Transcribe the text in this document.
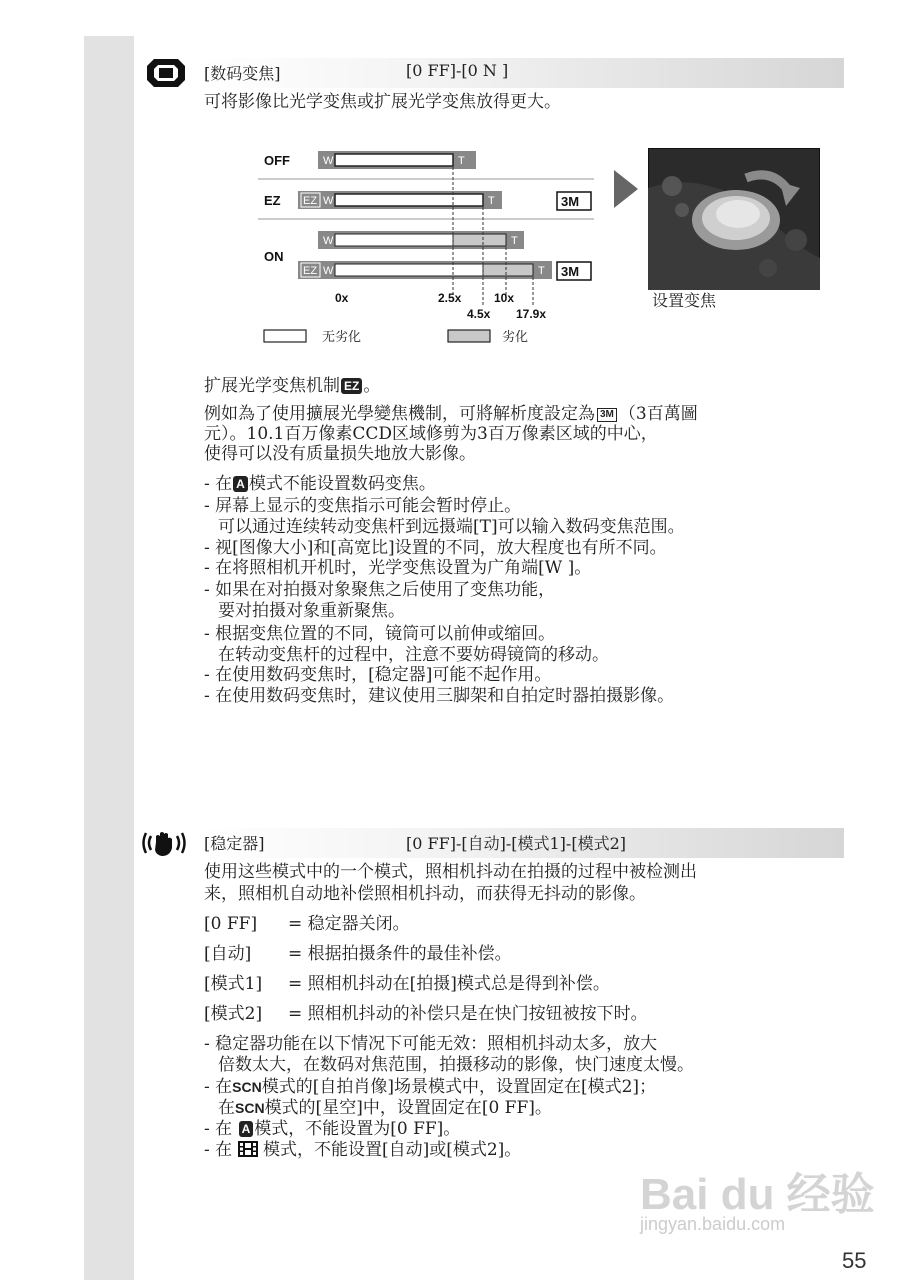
[数码变焦]	[0 FF]-[0 N ]
可将影像比光学变焦或扩展光学变焦放得更大。
OFF	W	T
EZ EZ W	T	3M
ON
W	T
EZ W	T 3M
0x	2.5x	10x
4.5x 17.9x
无劣化	劣化
设置变焦
扩展光学变焦机制 EZ 。
例如為了使用擴展光學變焦機制，可將解析度設定為 3M （3百萬圖
元）。10.1百万像素CCD区域修剪为3百万像素区域的中心，
使得可以没有质量损失地放大影像。
- 在 A 模式不能设置数码变焦。
- 屏幕上显示的变焦指示可能会暂时停止。
可以通过连续转动变焦杆到远摄端[T]可以输入数码变焦范围。
- 视[图像大小]和[高宽比]设置的不同，放大程度也有所不同。
- 在将照相机开机时，光学变焦设置为广角端[W ]。
- 如果在对拍摄对象聚焦之后使用了变焦功能，
要对拍摄对象重新聚焦。
- 根据变焦位置的不同，镜筒可以前伸或缩回。
在转动变焦杆的过程中，注意不要妨碍镜筒的移动。
- 在使用数码变焦时，[稳定器]可能不起作用。
- 在使用数码变焦时，建议使用三脚架和自拍定时器拍摄影像。
[稳定器]	[0 FF]-[自动]-[模式1]-[模式2]
使用这些模式中的一个模式，照相机抖动在拍摄的过程中被检测出
来，照相机自动地补偿照相机抖动，而获得无抖动的影像。
[0 FF] = 稳定器关闭。
[自动] = 根据拍摄条件的最佳补偿。
[模式1] = 照相机抖动在[拍摄]模式总是得到补偿。
[模式2] = 照相机抖动的补偿只是在快门按钮被按下时。
- 稳定器功能在以下情况下可能无效：照相机抖动太多，放大
倍数太大，在数码对焦范围，拍摄移动的影像，快门速度太慢。
- 在SCN模式的[自拍肖像]场景模式中，设置固定在[模式2]；
在SCN模式的[星空]中，设置固定在[0 FF]。
- 在 A 模式，不能设置为[0 FF]。
- 在  模式，不能设置[自动]或[模式2]。
Bai du 经验
jingyan.baidu.com
55
